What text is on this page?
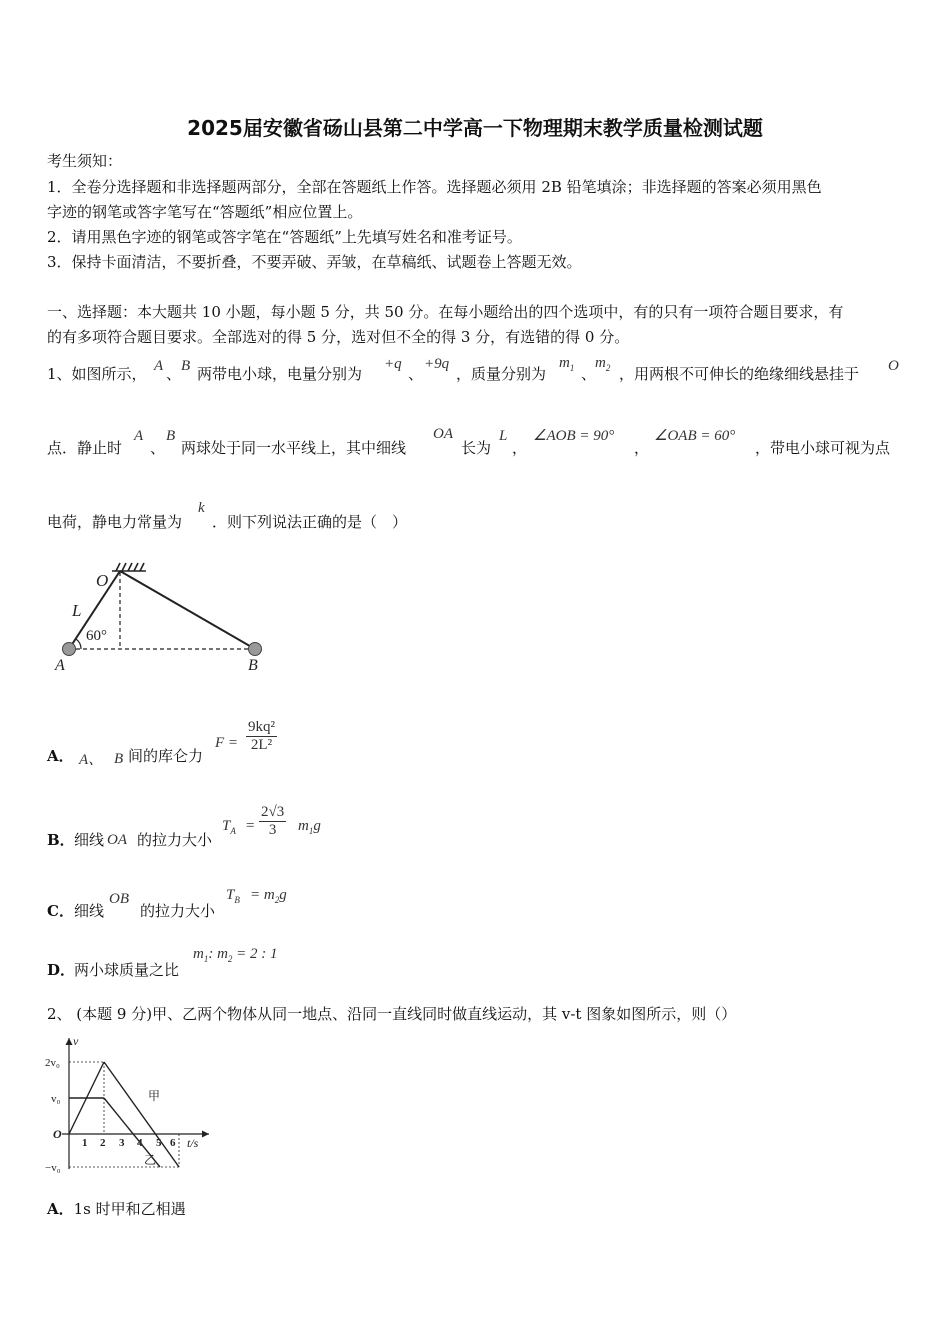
2025届安徽省砀山县第二中学高一下物理期末教学质量检测试题
考生须知：
1．全卷分选择题和非选择题两部分，全部在答题纸上作答。选择题必须用 2B 铅笔填涂；非选择题的答案必须用黑色
字迹的钢笔或答字笔写在“答题纸”相应位置上。
2．请用黑色字迹的钢笔或答字笔在“答题纸”上先填写姓名和准考证号。
3．保持卡面清洁，不要折叠，不要弄破、弄皱，在草稿纸、试题卷上答题无效。
一、选择题：本大题共 10 小题，每小题 5 分，共 50 分。在每小题给出的四个选项中，有的只有一项符合题目要求，有
的有多项符合题目要求。全部选对的得 5 分，选对但不全的得 3 分，有选错的得 0 分。
1、如图所示， A 、 B 两带电小球，电量分别为
+q
、
+9q
，质量分别为
$m_1$ 、
$m_2$ ，用两根不可伸长的绝缘细线悬挂于 O
点．静止时
A
、
B
两球处于同一水平线上，其中细线
OA
长为
L
，
∠AOB = 90°
，
∠OAB = 60°
，带电小球可视为点
电荷，静电力常量为
k
．则下列说法正确的是（　）
O
L
60°
A	B
A． A、 B 间的库仑力
$F = \frac{\text{9kq²}}{\text{2L²}}$
B． 细线 OA 的拉力大小
$T_A = \frac{2√3}{3} m_1g$
C． 细线
OB
的拉力大小
$T_B = m_2g$
D．
两小球质量之比
$m_1$: $m_2 = 2$ : 1
2、 (本题 9 分)甲、乙两个物体从同一地点、沿同一直线同时做直线运动，其 v-t 图象如图所示，则（）
v
t/s
2v₀
v₀
−v₀
O
1 2 3 4 5 6
甲
乙
A．1s 时甲和乙相遇
